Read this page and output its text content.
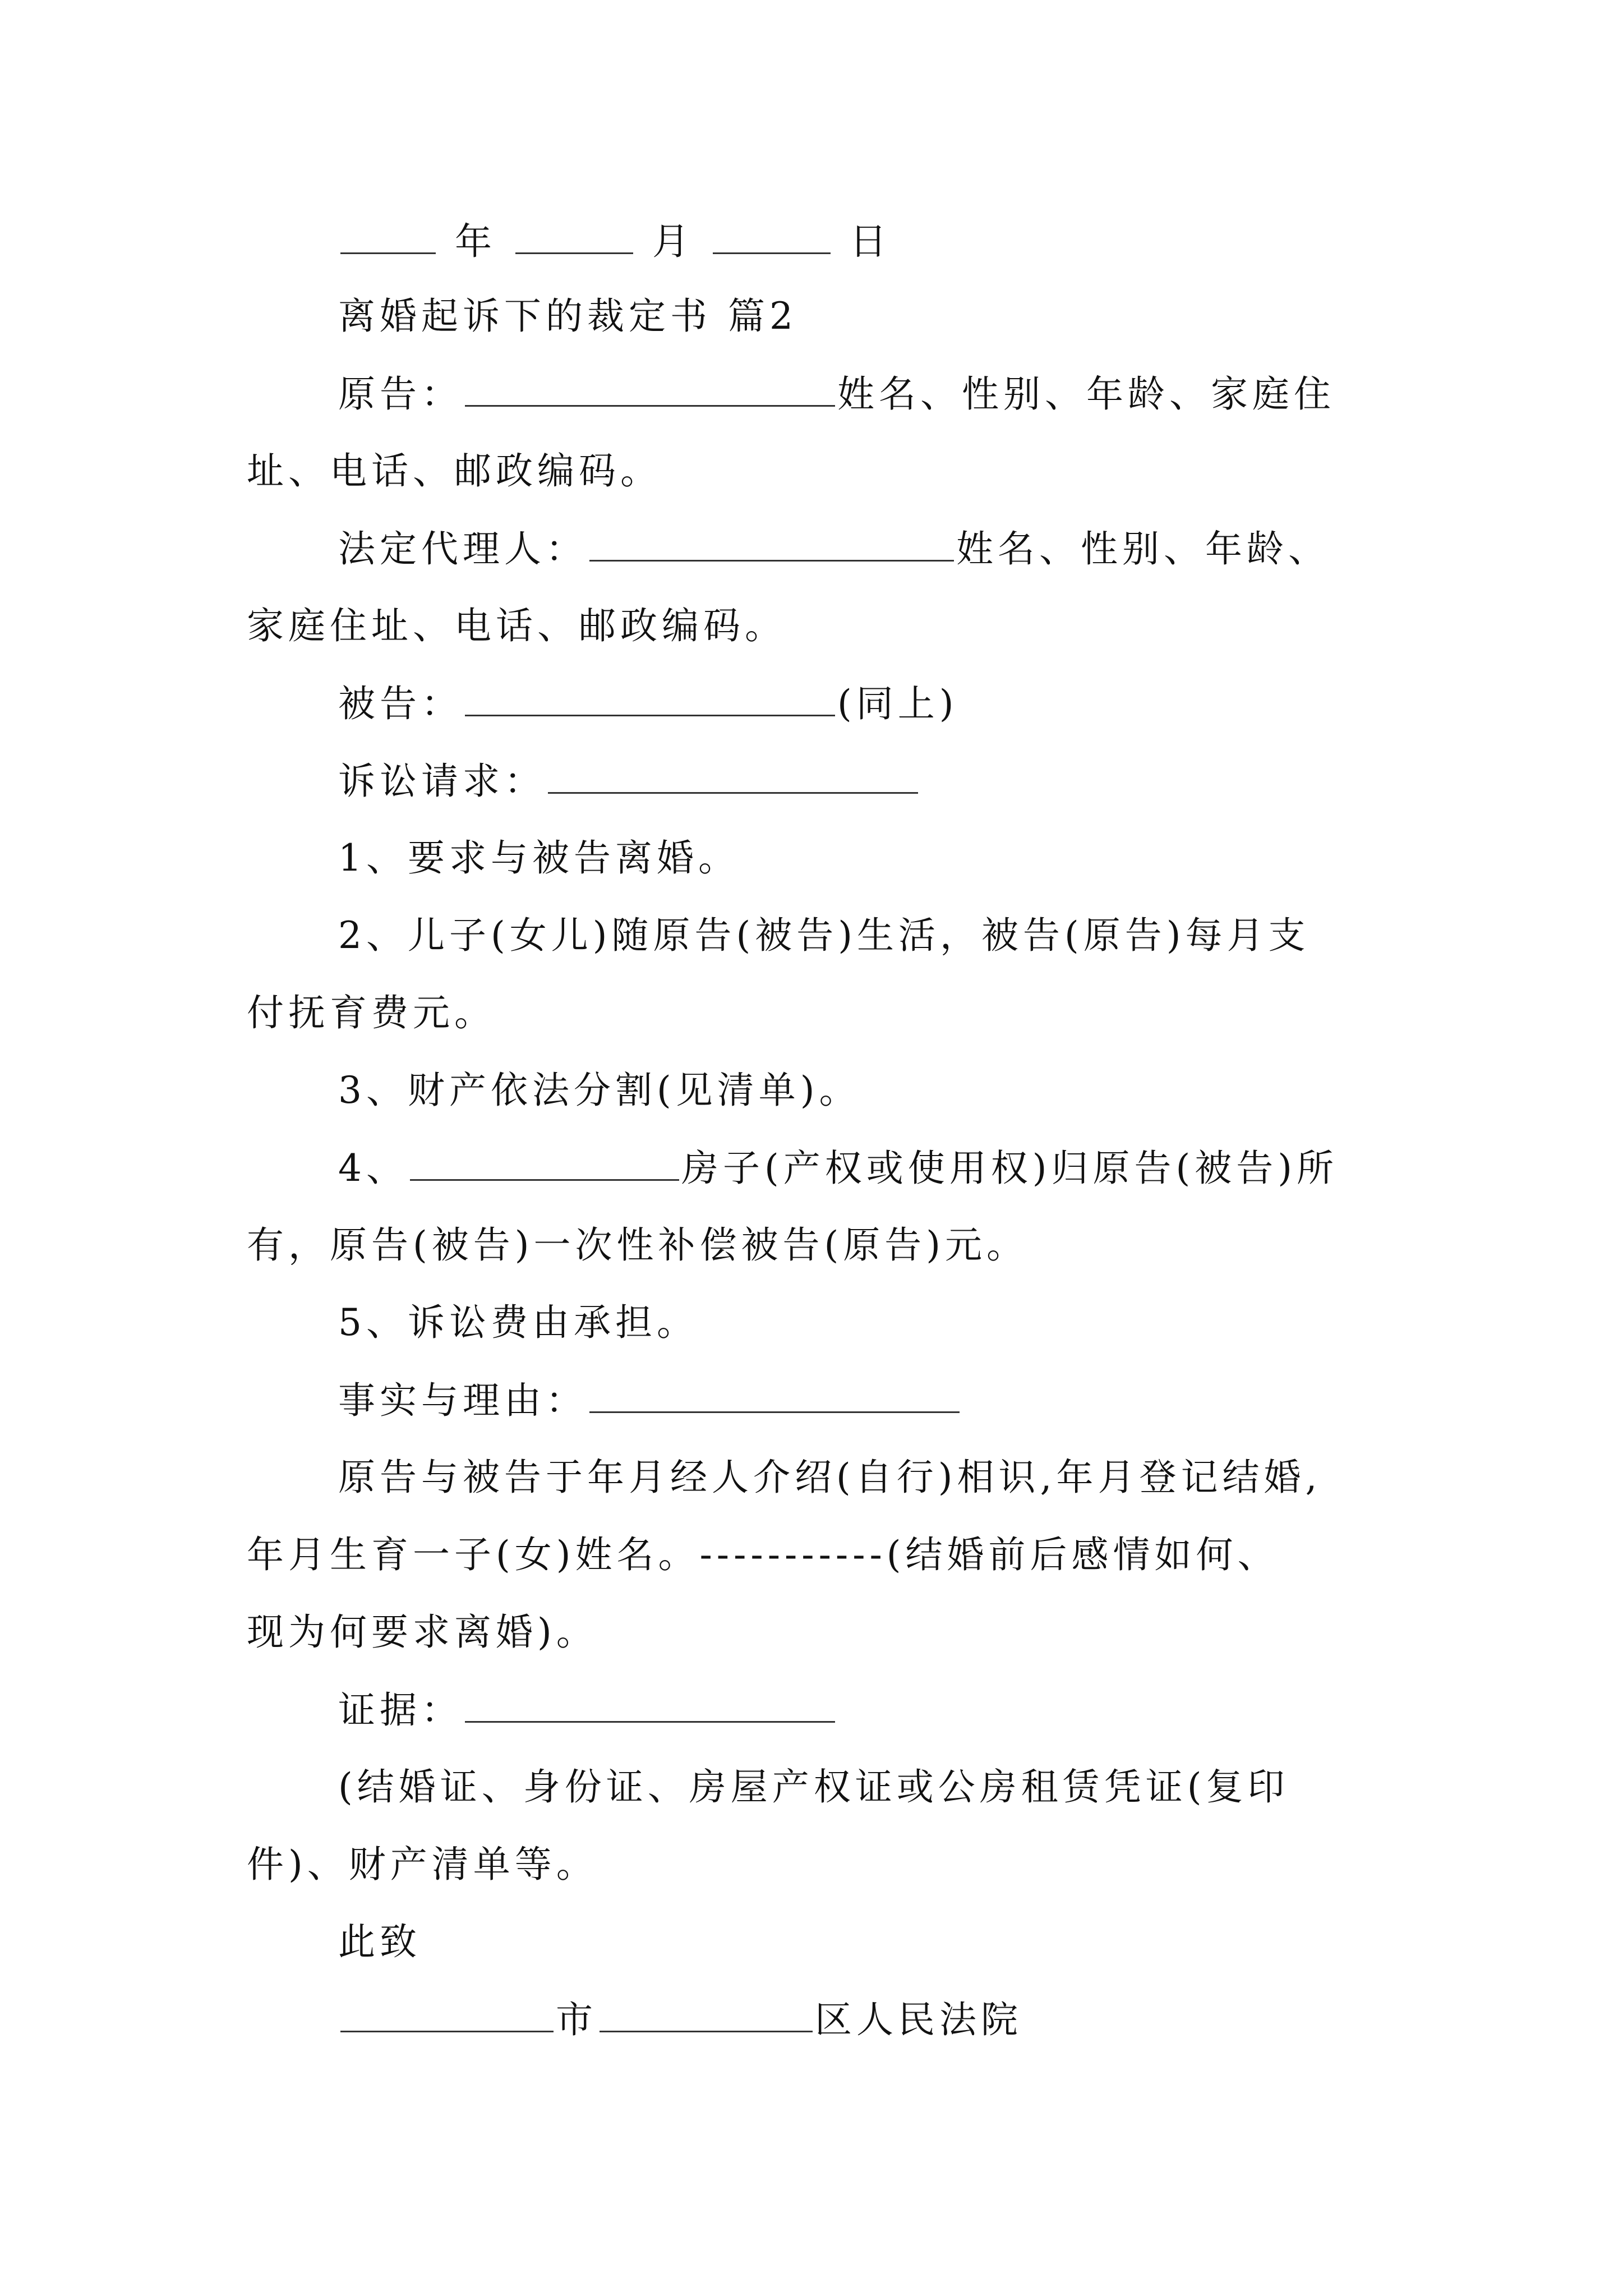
年	月	日
离婚起诉下的裁定书 篇2
原告：	姓名、性别、年龄、家庭住
址、电话、邮政编码。
法定代理人：	姓名、性别、年龄、
家庭住址、电话、邮政编码。
被告：	(同上)
诉讼请求：
1、要求与被告离婚。
2、儿子(女儿)随原告(被告)生活，被告(原告)每月支
付抚育费元。
3、财产依法分割(见清单)。
4、	房子(产权或使用权)归原告(被告)所
有，原告(被告)一次性补偿被告(原告)元。
5、诉讼费由承担。
事实与理由：
原告与被告于年月经人介绍(自行)相识,年月登记结婚,
年月生育一子(女)姓名。-----------(结婚前后感情如何、
现为何要求离婚)。
证据：
(结婚证、身份证、房屋产权证或公房租赁凭证(复印
件)、财产清单等。
此致
市	区人民法院
